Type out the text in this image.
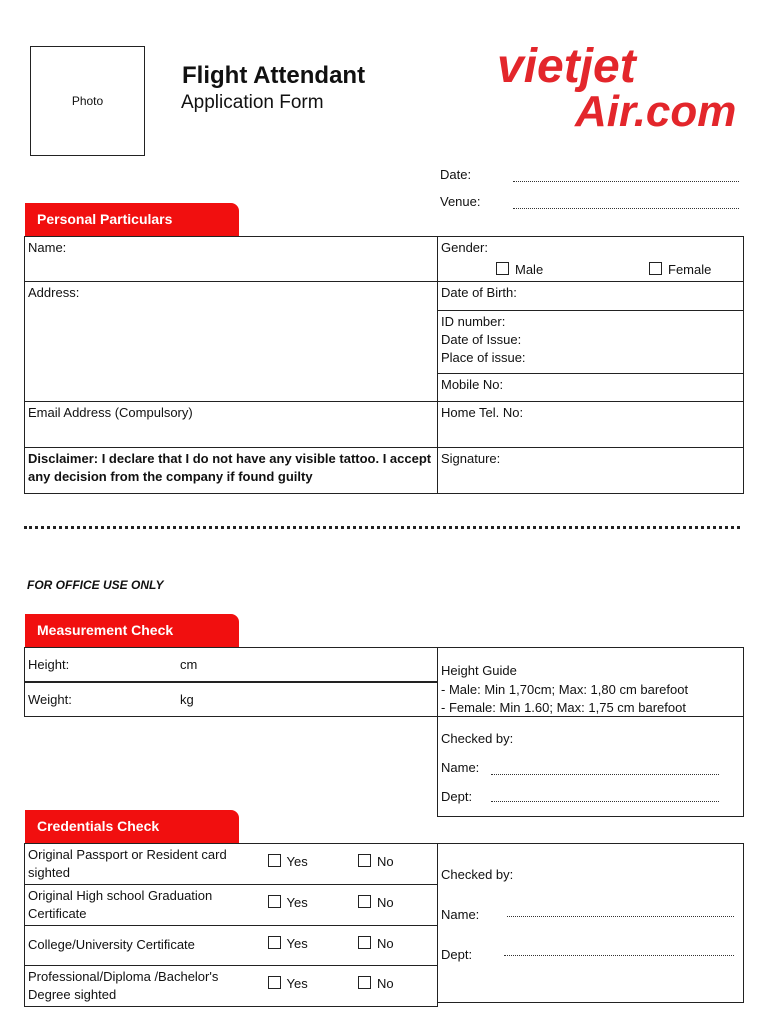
Photo
Flight Attendant
Application Form
vietjet
Air.com
Date:
Venue:
Personal Particulars
Name:	Gender:
Male Female

Address:	Date of Birth:

	ID number:
Date of Issue:
Place of issue:

	Mobile No:
Email Address (Compulsory)	Home Tel. No:
Disclaimer: I declare that I do not have any visible tattoo. I accept any decision from the company if found guilty	Signature:
FOR OFFICE USE ONLY
Measurement Check
Height:	cm
Weight:	kg
Height Guide
- Male: Min 1,70cm; Max: 1,80 cm barefoot
- Female: Min 1.60; Max: 1,75 cm barefoot
Checked by:
Name:
Dept:
Credentials Check
Original Passport or Resident card sighted	Yes	No
Original High school Graduation Certificate	Yes	No
College/University Certificate	Yes	No
Professional/Diploma /Bachelor's Degree sighted	Yes	No
Checked by:
Name:
Dept:
